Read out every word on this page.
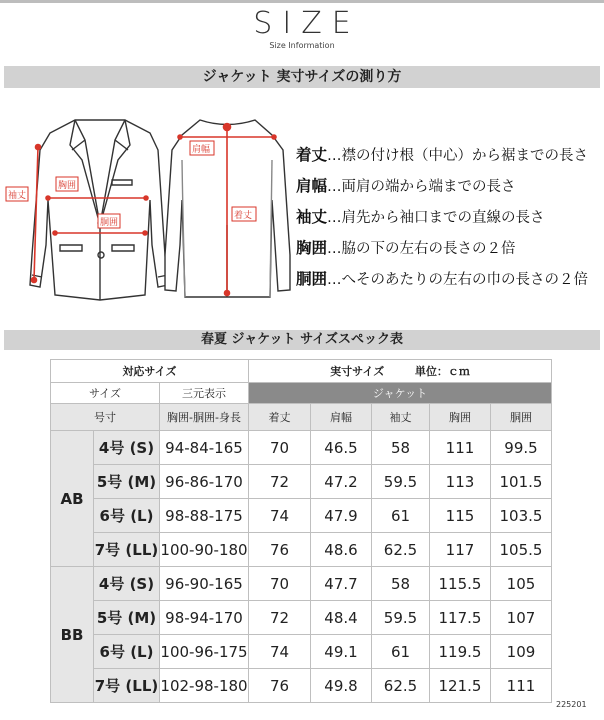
SIZE
Size Information
ジャケット 実寸サイズの測り方
袖丈
胸囲
胴囲
肩幅
着丈
着丈…襟の付け根（中心）から裾までの長さ
肩幅…両肩の端から端までの長さ
袖丈…肩先から袖口までの直線の長さ
胸囲…脇の下の左右の長さの２倍
胴囲…へそのあたりの左右の巾の長さの２倍
春夏 ジャケット サイズスペック表
対応サイズ			実寸サイズ 単位：ｃｍ				
サイズ		三元表示	ジャケット				
号寸		胸囲-胴囲-身長	着丈	肩幅	袖丈	胸囲	胴囲
AB	4号 (S)	94-84-165	70	46.5	58	111	99.5
	5号 (M)	96-86-170	72	47.2	59.5	113	101.5
	6号 (L)	98-88-175	74	47.9	61	115	103.5
	7号 (LL)	100-90-180	76	48.6	62.5	117	105.5
BB	4号 (S)	96-90-165	70	47.7	58	115.5	105
	5号 (M)	98-94-170	72	48.4	59.5	117.5	107
	6号 (L)	100-96-175	74	49.1	61	119.5	109
	7号 (LL)	102-98-180	76	49.8	62.5	121.5	111
225201
